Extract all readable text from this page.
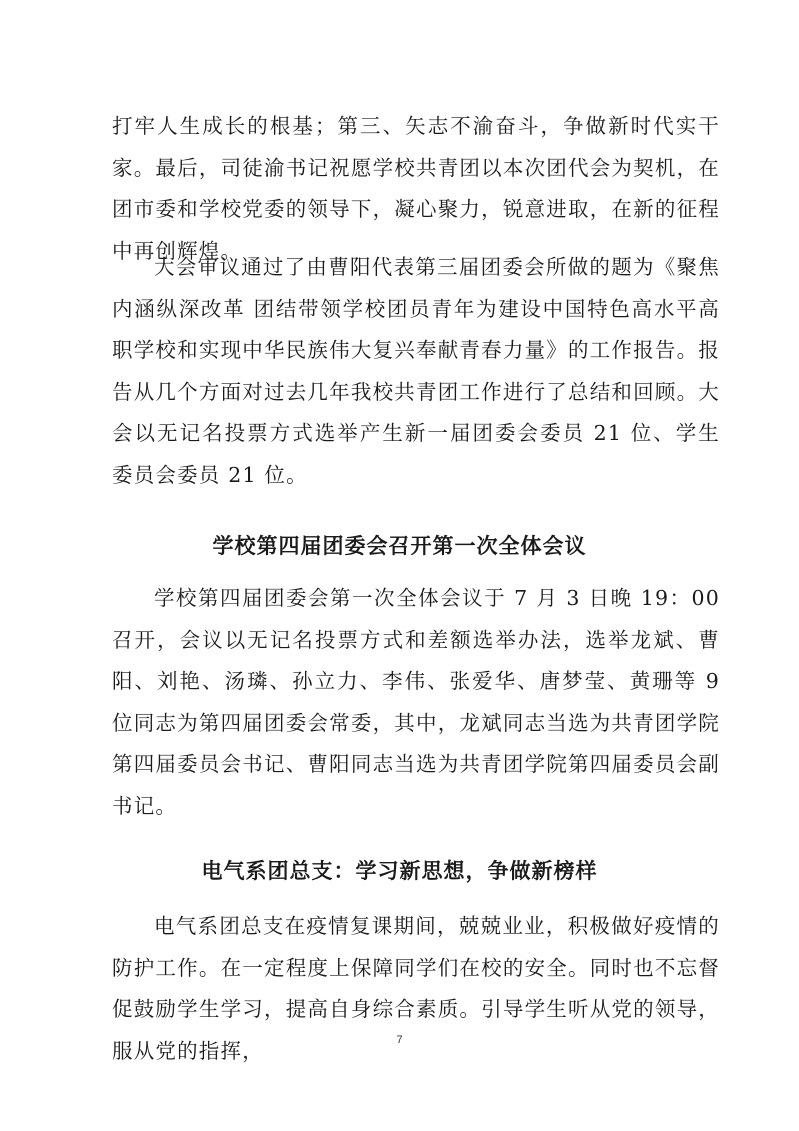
打牢人生成长的根基；第三、矢志不渝奋斗，争做新时代实干家。最后，司徒渝书记祝愿学校共青团以本次团代会为契机，在团市委和学校党委的领导下，凝心聚力，锐意进取，在新的征程中再创辉煌。

大会审议通过了由曹阳代表第三届团委会所做的题为《聚焦内涵纵深改革 团结带领学校团员青年为建设中国特色高水平高职学校和实现中华民族伟大复兴奉献青春力量》的工作报告。报告从几个方面对过去几年我校共青团工作进行了总结和回顾。大会以无记名投票方式选举产生新一届团委会委员 21 位、学生委员会委员 21 位。

学校第四届团委会召开第一次全体会议

学校第四届团委会第一次全体会议于 7 月 3 日晚 19：00 召开，会议以无记名投票方式和差额选举办法，选举龙斌、曹阳、刘艳、汤璘、孙立力、李伟、张爱华、唐梦莹、黄珊等 9 位同志为第四届团委会常委，其中，龙斌同志当选为共青团学院第四届委员会书记、曹阳同志当选为共青团学院第四届委员会副书记。

电气系团总支：学习新思想，争做新榜样

电气系团总支在疫情复课期间，兢兢业业，积极做好疫情的防护工作。在一定程度上保障同学们在校的安全。同时也不忘督促鼓励学生学习，提高自身综合素质。引导学生听从党的领导，服从党的指挥，	7
